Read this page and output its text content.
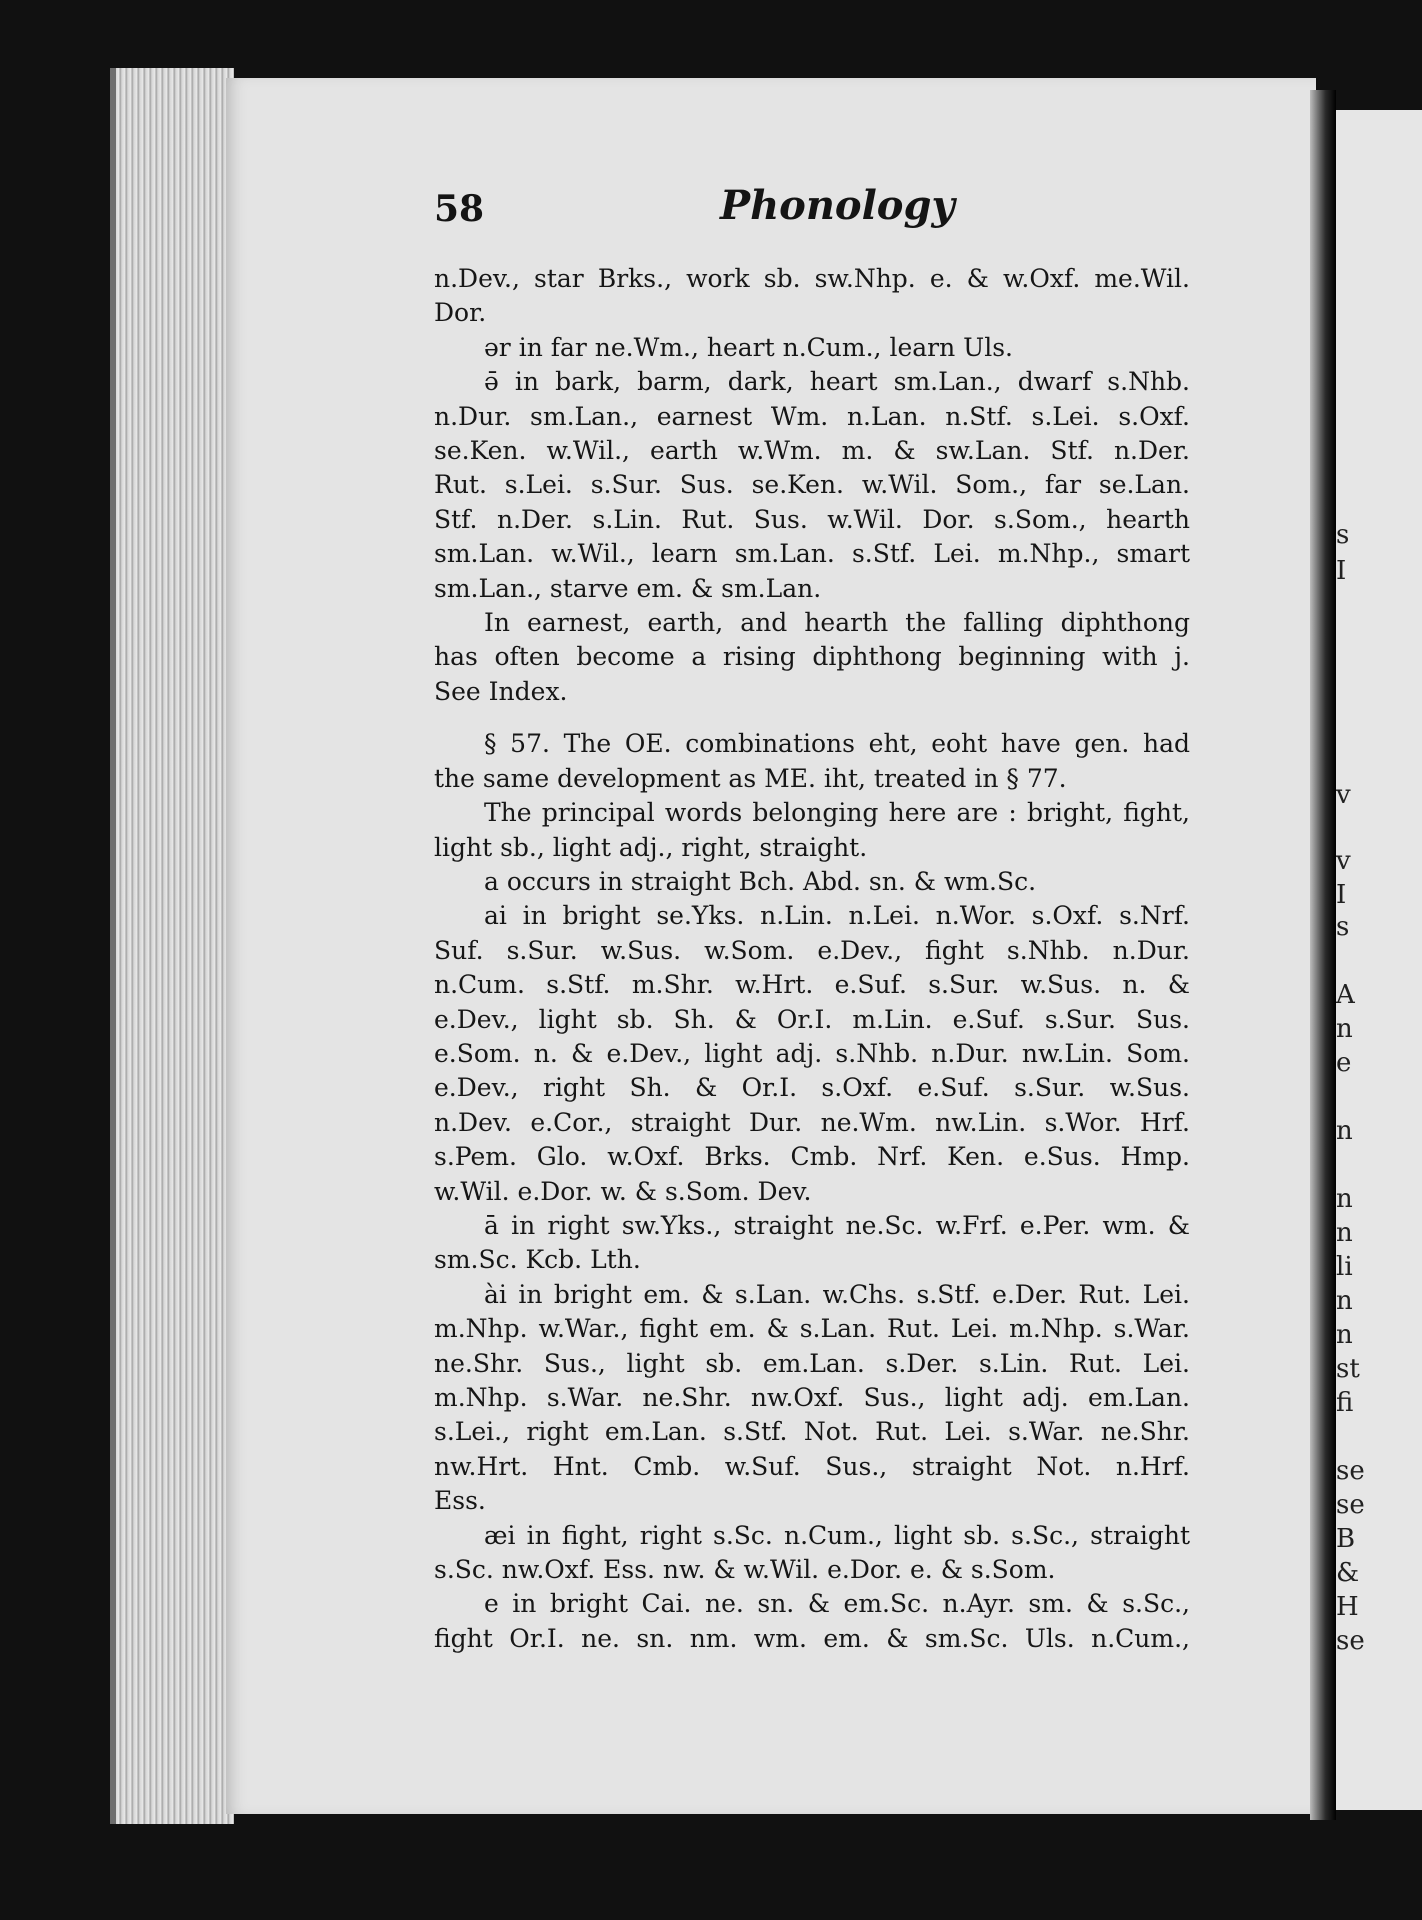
s
I
v
v
I
s
A
n
e
n
n
n
li
n
n
st
fi
se
se
B
&
H
se
58	Phonology
n.Dev., star Brks., work sb. sw.Nhp. e. & w.Oxf. me.Wil.
Dor.
  ər in far ne.Wm., heart n.Cum., learn Uls.
  ǝ̄ in bark, barm, dark, heart sm.Lan., dwarf s.Nhb.
n.Dur. sm.Lan., earnest Wm. n.Lan. n.Stf. s.Lei. s.Oxf.
se.Ken. w.Wil., earth w.Wm. m. & sw.Lan. Stf. n.Der.
Rut. s.Lei. s.Sur. Sus. se.Ken. w.Wil. Som., far se.Lan.
Stf. n.Der. s.Lin. Rut. Sus. w.Wil. Dor. s.Som., hearth
sm.Lan. w.Wil., learn sm.Lan. s.Stf. Lei. m.Nhp., smart
sm.Lan., starve em. & sm.Lan.
  In earnest, earth, and hearth the falling diphthong
has often become a rising diphthong beginning with j.
See Index.
  § 57. The OE. combinations eht, eoht have gen. had
the same development as ME. iht, treated in § 77.
  The principal words belonging here are : bright, fight,
light sb., light adj., right, straight.
  a occurs in straight Bch. Abd. sn. & wm.Sc.
  ai in bright se.Yks. n.Lin. n.Lei. n.Wor. s.Oxf. s.Nrf.
Suf. s.Sur. w.Sus. w.Som. e.Dev., fight s.Nhb. n.Dur.
n.Cum. s.Stf. m.Shr. w.Hrt. e.Suf. s.Sur. w.Sus. n. &
e.Dev., light sb. Sh. & Or.I. m.Lin. e.Suf. s.Sur. Sus.
e.Som. n. & e.Dev., light adj. s.Nhb. n.Dur. nw.Lin. Som.
e.Dev., right Sh. & Or.I. s.Oxf. e.Suf. s.Sur. w.Sus.
n.Dev. e.Cor., straight Dur. ne.Wm. nw.Lin. s.Wor. Hrf.
s.Pem. Glo. w.Oxf. Brks. Cmb. Nrf. Ken. e.Sus. Hmp.
w.Wil. e.Dor. w. & s.Som. Dev.
  ā in right sw.Yks., straight ne.Sc. w.Frf. e.Per. wm. &
sm.Sc. Kcb. Lth.
  ài in bright em. & s.Lan. w.Chs. s.Stf. e.Der. Rut. Lei.
m.Nhp. w.War., fight em. & s.Lan. Rut. Lei. m.Nhp. s.War.
ne.Shr. Sus., light sb. em.Lan. s.Der. s.Lin. Rut. Lei.
m.Nhp. s.War. ne.Shr. nw.Oxf. Sus., light adj. em.Lan.
s.Lei., right em.Lan. s.Stf. Not. Rut. Lei. s.War. ne.Shr.
nw.Hrt. Hnt. Cmb. w.Suf. Sus., straight Not. n.Hrf.
Ess.
  æi in fight, right s.Sc. n.Cum., light sb. s.Sc., straight
s.Sc. nw.Oxf. Ess. nw. & w.Wil. e.Dor. e. & s.Som.
  e in bright Cai. ne. sn. & em.Sc. n.Ayr. sm. & s.Sc.,
fight Or.I. ne. sn. nm. wm. em. & sm.Sc. Uls. n.Cum.,
